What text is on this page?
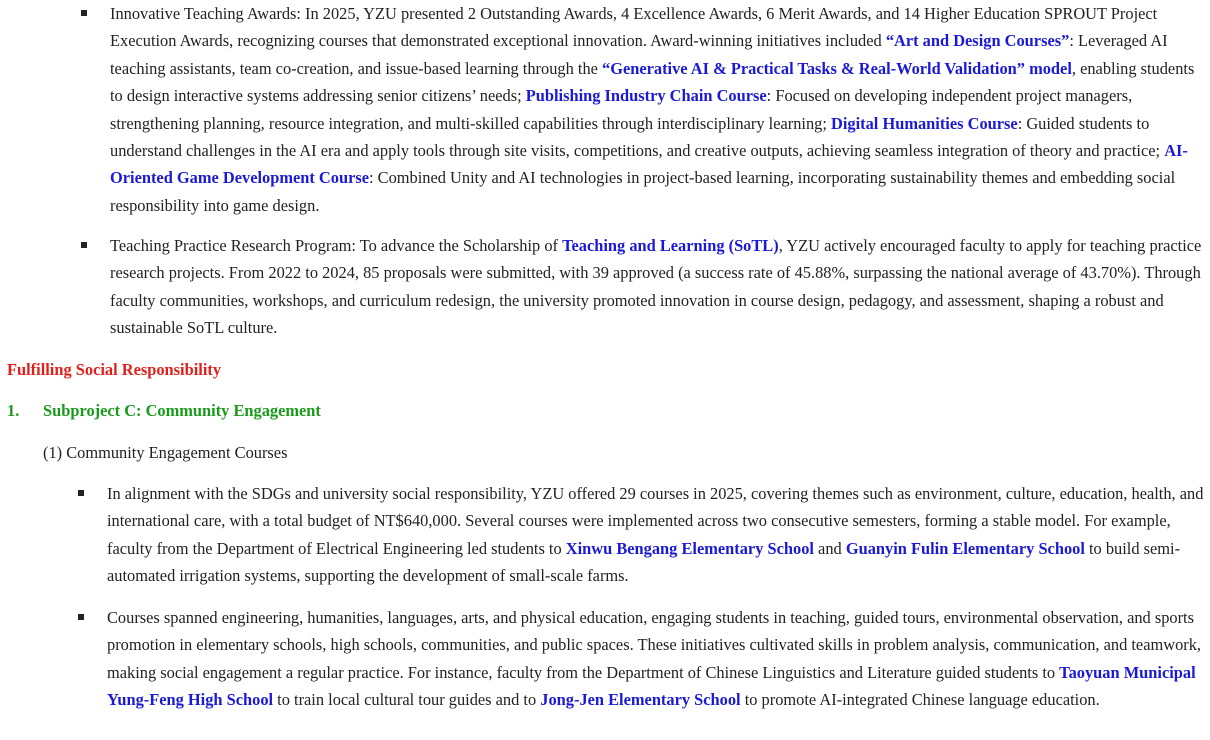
Innovative Teaching Awards: In 2025, YZU presented 2 Outstanding Awards, 4 Excellence Awards, 6 Merit Awards, and 14 Higher Education SPROUT Project Execution Awards, recognizing courses that demonstrated exceptional innovation. Award-winning initiatives included “Art and Design Courses”: Leveraged AI teaching assistants, team co-creation, and issue-based learning through the “Generative AI & Practical Tasks & Real-World Validation” model, enabling students to design interactive systems addressing senior citizens’ needs; Publishing Industry Chain Course: Focused on developing independent project managers, strengthening planning, resource integration, and multi-skilled capabilities through interdisciplinary learning; Digital Humanities Course: Guided students to understand challenges in the AI era and apply tools through site visits, competitions, and creative outputs, achieving seamless integration of theory and practice; AI-Oriented Game Development Course: Combined Unity and AI technologies in project-based learning, incorporating sustainability themes and embedding social responsibility into game design.

Teaching Practice Research Program: To advance the Scholarship of Teaching and Learning (SoTL), YZU actively encouraged faculty to apply for teaching practice research projects. From 2022 to 2024, 85 proposals were submitted, with 39 approved (a success rate of 45.88%, surpassing the national average of 43.70%). Through faculty communities, workshops, and curriculum redesign, the university promoted innovation in course design, pedagogy, and assessment, shaping a robust and sustainable SoTL culture.

Fulfilling Social Responsibility
1. Subproject C: Community Engagement
(1) Community Engagement Courses

In alignment with the SDGs and university social responsibility, YZU offered 29 courses in 2025, covering themes such as environment, culture, education, health, and international care, with a total budget of NT$640,000. Several courses were implemented across two consecutive semesters, forming a stable model. For example, faculty from the Department of Electrical Engineering led students to Xinwu Bengang Elementary School and Guanyin Fulin Elementary School to build semi-automated irrigation systems, supporting the development of small-scale farms.

Courses spanned engineering, humanities, languages, arts, and physical education, engaging students in teaching, guided tours, environmental observation, and sports promotion in elementary schools, high schools, communities, and public spaces. These initiatives cultivated skills in problem analysis, communication, and teamwork, making social engagement a regular practice. For instance, faculty from the Department of Chinese Linguistics and Literature guided students to Taoyuan Municipal Yung-Feng High School to train local cultural tour guides and to Jong-Jen Elementary School to promote AI-integrated Chinese language education.
